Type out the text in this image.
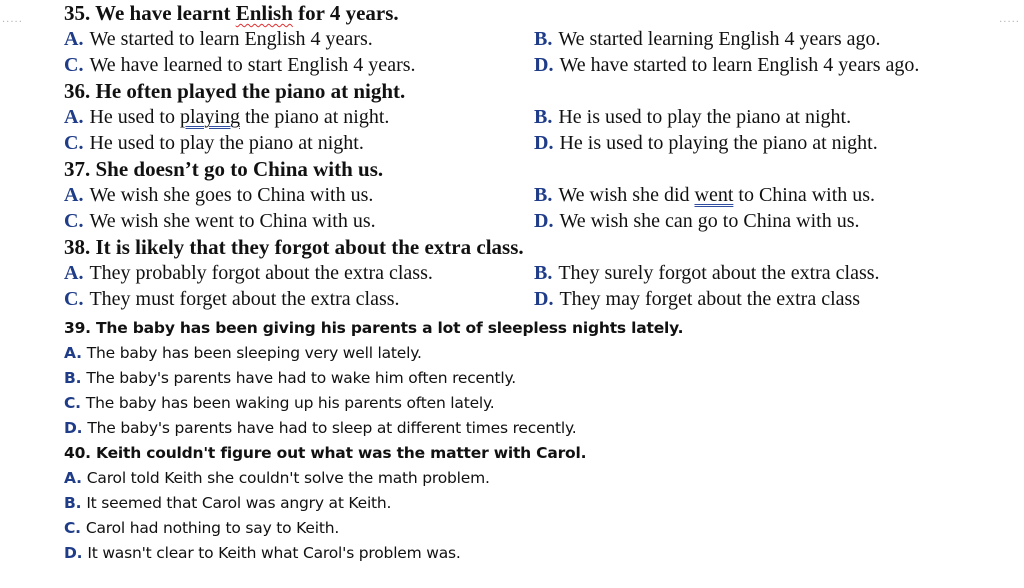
.....	.....
35. We have learnt Enlish for 4 years.
A. We started to learn English 4 years.	B. We started learning English 4 years ago.
C. We have learned to start English 4 years.	D. We have started to learn English 4 years ago.
36. He often played the piano at night.
A. He used to playing the piano at night.	B. He is used to play the piano at night.
C. He used to play the piano at night.	D. He is used to playing the piano at night.
37. She doesn’t go to China with us.
A. We wish she goes to China with us.	B. We wish she did went to China with us.
C. We wish she went to China with us.	D. We wish she can go to China with us.
38. It is likely that they forgot about the extra class.
A. They probably forgot about the extra class.	B. They surely forgot about the extra class.
C. They must forget about the extra class.	D. They may forget about the extra class
39. The baby has been giving his parents a lot of sleepless nights lately.
A. The baby has been sleeping very well lately.
B. The baby's parents have had to wake him often recently.
C. The baby has been waking up his parents often lately.
D. The baby's parents have had to sleep at different times recently.
40. Keith couldn't figure out what was the matter with Carol.
A. Carol told Keith she couldn't solve the math problem.
B. It seemed that Carol was angry at Keith.
C. Carol had nothing to say to Keith.
D. It wasn't clear to Keith what Carol's problem was.
